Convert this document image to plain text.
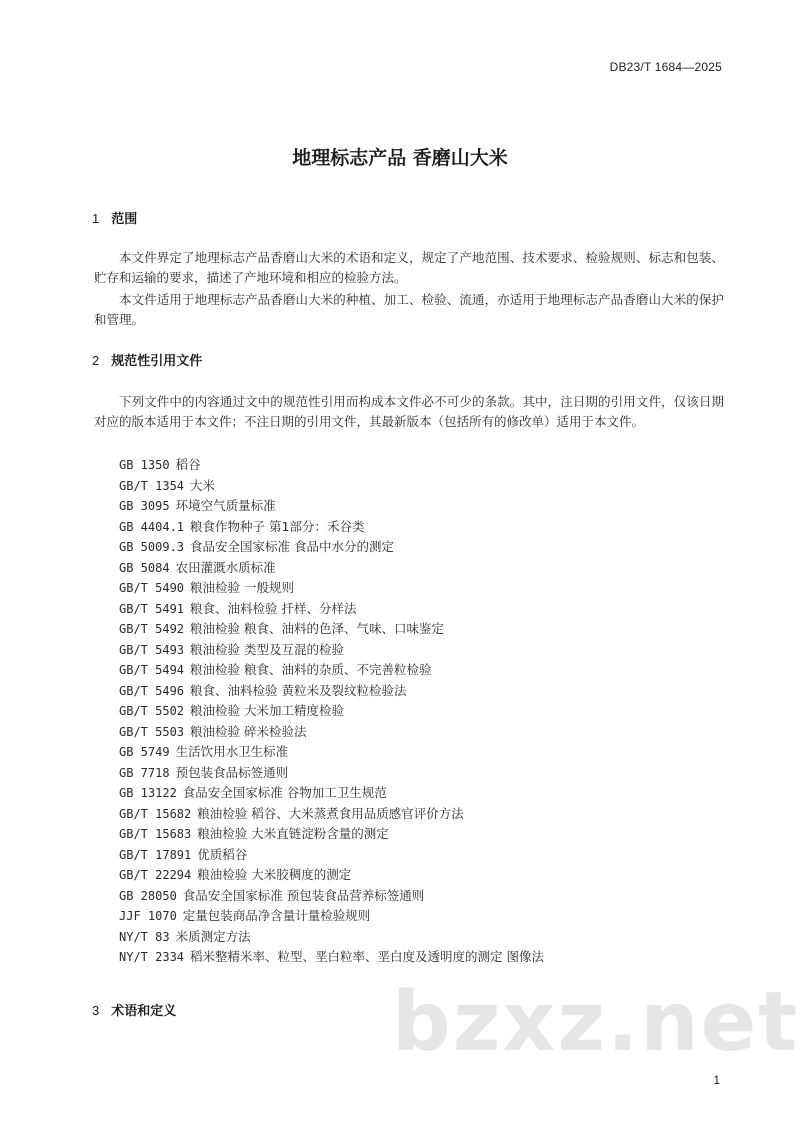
DB23/T 1684—2025
地理标志产品 香磨山大米
1 范围
本文件界定了地理标志产品香磨山大米的术语和定义，规定了产地范围、技术要求、检验规则、标志和包装、贮存和运输的要求，描述了产地环境和相应的检验方法。
本文件适用于地理标志产品香磨山大米的种植、加工、检验、流通，亦适用于地理标志产品香磨山大米的保护和管理。
2 规范性引用文件
下列文件中的内容通过文中的规范性引用而构成本文件必不可少的条款。其中，注日期的引用文件，仅该日期对应的版本适用于本文件；不注日期的引用文件，其最新版本（包括所有的修改单）适用于本文件。
GB 1350 稻谷
GB/T 1354 大米
GB 3095 环境空气质量标准
GB 4404.1 粮食作物种子 第1部分：禾谷类
GB 5009.3 食品安全国家标准 食品中水分的测定
GB 5084 农田灌溉水质标准
GB/T 5490 粮油检验 一般规则
GB/T 5491 粮食、油料检验 扦样、分样法
GB/T 5492 粮油检验 粮食、油料的色泽、气味、口味鉴定
GB/T 5493 粮油检验 类型及互混的检验
GB/T 5494 粮油检验 粮食、油料的杂质、不完善粒检验
GB/T 5496 粮食、油料检验 黄粒米及裂纹粒检验法
GB/T 5502 粮油检验 大米加工精度检验
GB/T 5503 粮油检验 碎米检验法
GB 5749 生活饮用水卫生标准
GB 7718 预包装食品标签通则
GB 13122 食品安全国家标准 谷物加工卫生规范
GB/T 15682 粮油检验 稻谷、大米蒸煮食用品质感官评价方法
GB/T 15683 粮油检验 大米直链淀粉含量的测定
GB/T 17891 优质稻谷
GB/T 22294 粮油检验 大米胶稠度的测定
GB 28050 食品安全国家标准 预包装食品营养标签通则
JJF 1070 定量包装商品净含量计量检验规则
NY/T 83 米质测定方法
NY/T 2334 稻米整精米率、粒型、垩白粒率、垩白度及透明度的测定 图像法
3 术语和定义	bzxz.net
1
